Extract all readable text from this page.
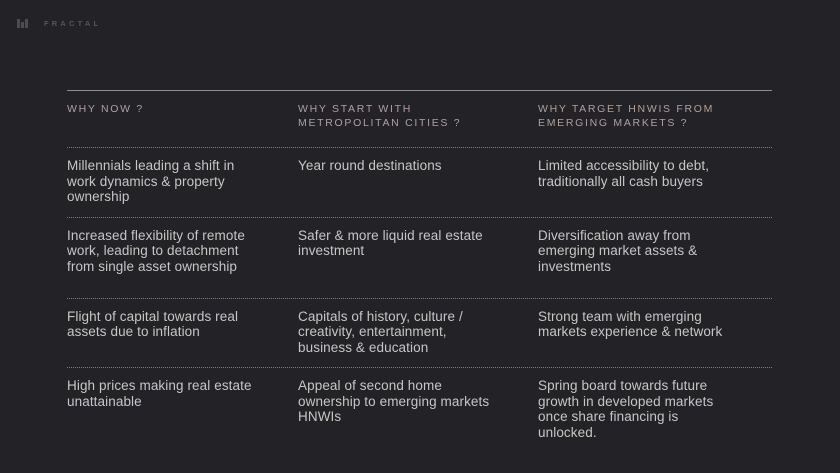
FRACTAL
WHY NOW ?	WHY START WITH METROPOLITAN CITIES ?
WHY TARGET HNWIS FROM EMERGING MARKETS ?
Millennials leading a shift in work dynamics & property ownership
Year round destinations	Limited accessibility to debt, traditionally all cash buyers
Increased flexibility of remote work, leading to detachment from single asset ownership
Safer & more liquid real estate investment
Diversification away from emerging market assets & investments
Flight of capital towards real assets due to inflation
Capitals of history, culture / creativity, entertainment, business & education
Strong team with emerging markets experience & network
High prices making real estate unattainable
Appeal of second home ownership to emerging markets HNWIs
Spring board towards future growth in developed markets once share financing is unlocked.
